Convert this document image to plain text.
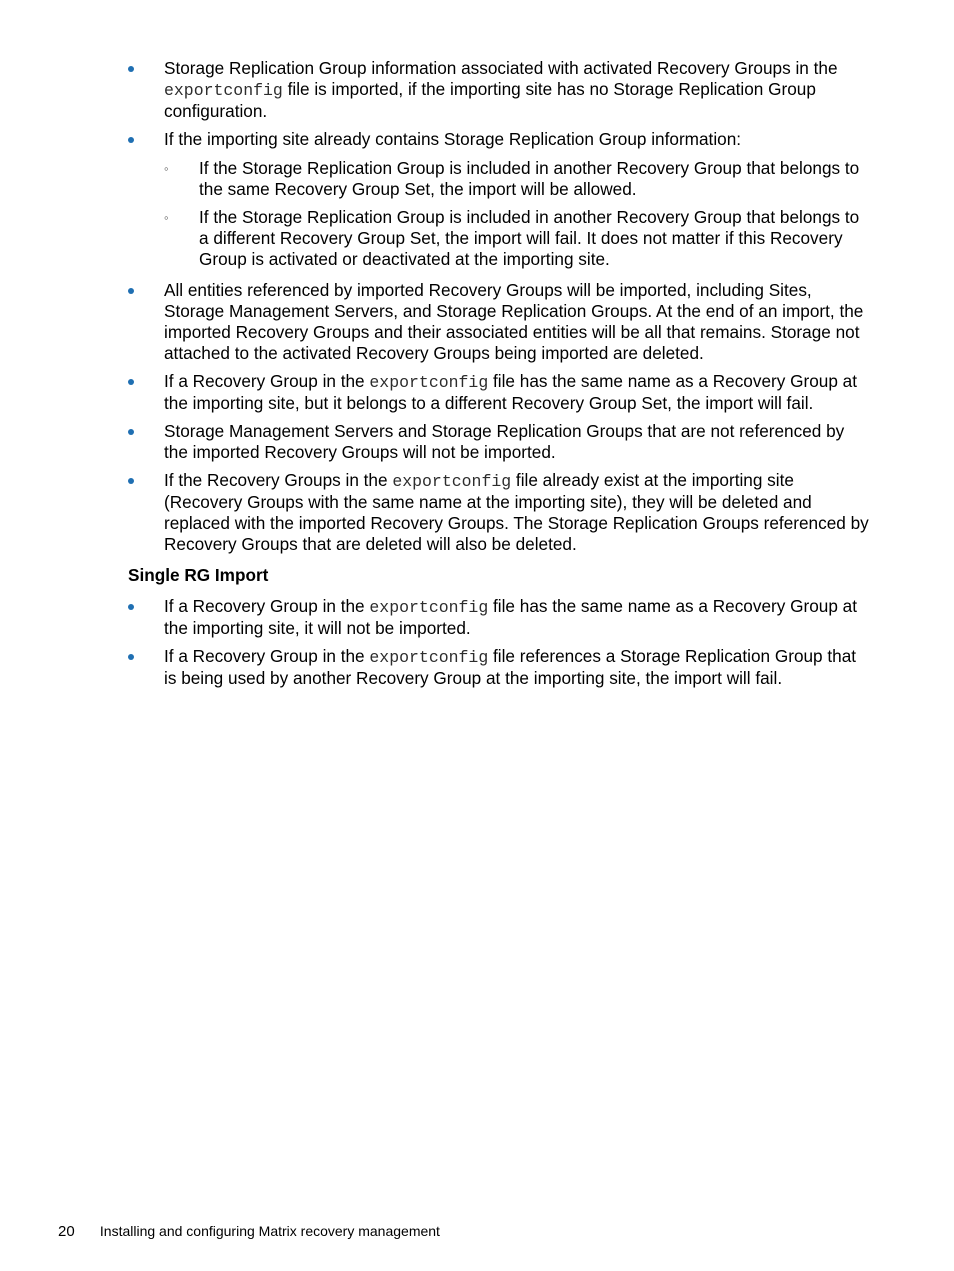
Storage Replication Group information associated with activated Recovery Groups in the exportconfig file is imported, if the importing site has no Storage Replication Group configuration.
If the importing site already contains Storage Replication Group information:
◦ If the Storage Replication Group is included in another Recovery Group that belongs to the same Recovery Group Set, the import will be allowed.
◦ If the Storage Replication Group is included in another Recovery Group that belongs to a different Recovery Group Set, the import will fail. It does not matter if this Recovery Group is activated or deactivated at the importing site.
All entities referenced by imported Recovery Groups will be imported, including Sites, Storage Management Servers, and Storage Replication Groups. At the end of an import, the imported Recovery Groups and their associated entities will be all that remains. Storage not attached to the activated Recovery Groups being imported are deleted.
If a Recovery Group in the exportconfig file has the same name as a Recovery Group at the importing site, but it belongs to a different Recovery Group Set, the import will fail.
Storage Management Servers and Storage Replication Groups that are not referenced by the imported Recovery Groups will not be imported.
If the Recovery Groups in the exportconfig file already exist at the importing site (Recovery Groups with the same name at the importing site), they will be deleted and replaced with the imported Recovery Groups. The Storage Replication Groups referenced by Recovery Groups that are deleted will also be deleted.
Single RG Import
If a Recovery Group in the exportconfig file has the same name as a Recovery Group at the importing site, it will not be imported.
If a Recovery Group in the exportconfig file references a Storage Replication Group that is being used by another Recovery Group at the importing site, the import will fail.
20 Installing and configuring Matrix recovery management
